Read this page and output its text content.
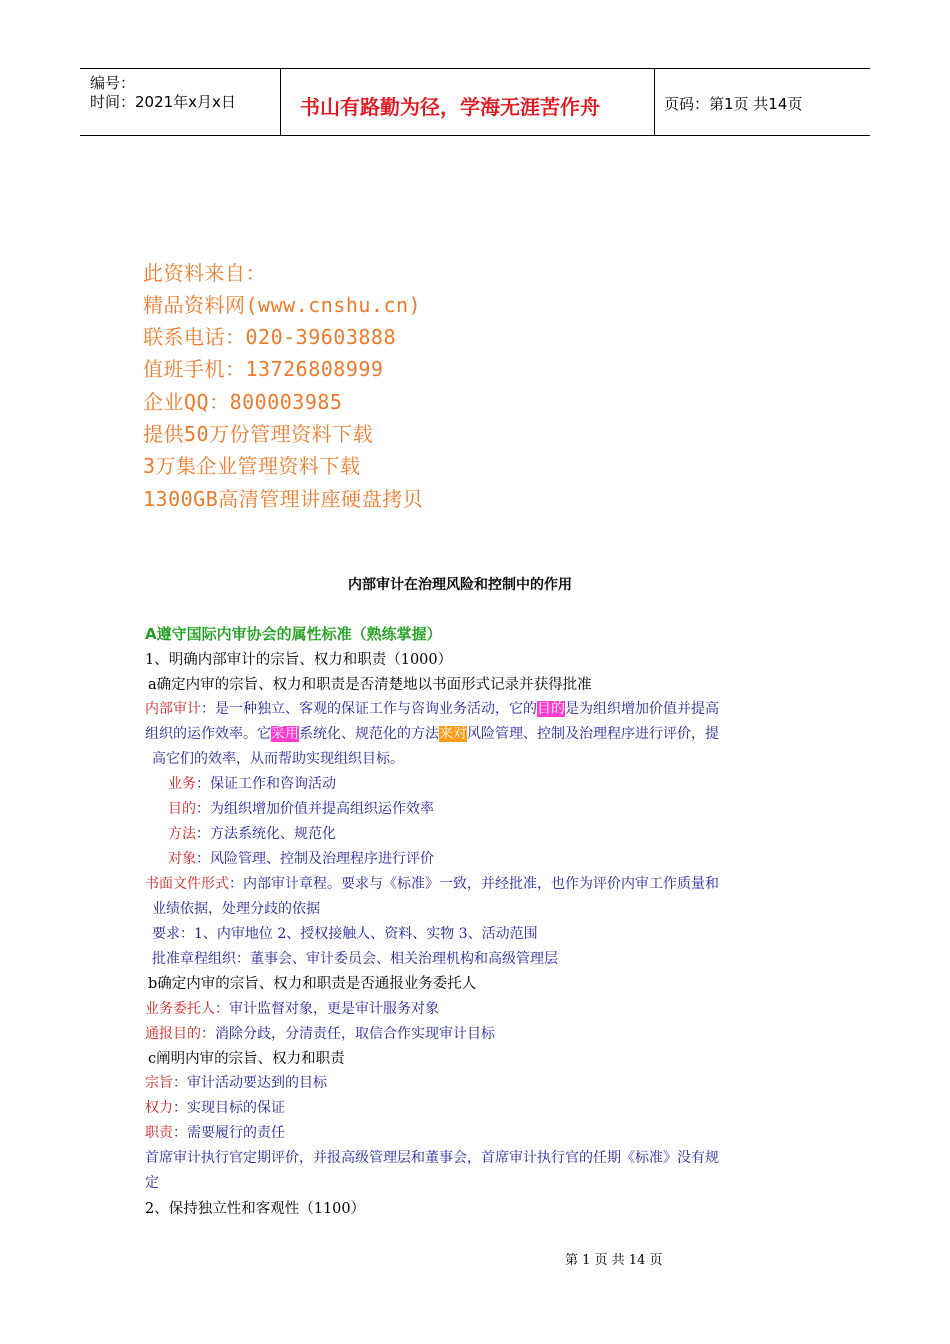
编号：
时间：2021年x月x日	书山有路勤为径，学海无涯苦作舟	页码：第1页 共14页
此资料来自：
精品资料网(www.cnshu.cn)
联系电话：020-39603888
值班手机：13726808999
企业QQ：800003985
提供50万份管理资料下载
3万集企业管理资料下载
1300GB高清管理讲座硬盘拷贝
内部审计在治理风险和控制中的作用
A遵守国际内审协会的属性标准（熟练掌握）
1、明确内部审计的宗旨、权力和职责（1000）
a确定内审的宗旨、权力和职责是否清楚地以书面形式记录并获得批准
内部审计：是一种独立、客观的保证工作与咨询业务活动，它的目的是为组织增加价值并提高
组织的运作效率。它采用系统化、规范化的方法来对风险管理、控制及治理程序进行评价，提
高它们的效率，从而帮助实现组织目标。
业务：保证工作和咨询活动
目的：为组织增加价值并提高组织运作效率
方法：方法系统化、规范化
对象：风险管理、控制及治理程序进行评价
书面文件形式：内部审计章程。要求与《标准》一致，并经批准，也作为评价内审工作质量和
业绩依据，处理分歧的依据
要求：1、内审地位 2、授权接触人、资料、实物 3、活动范围
批准章程组织：董事会、审计委员会、相关治理机构和高级管理层
b确定内审的宗旨、权力和职责是否通报业务委托人
业务委托人：审计监督对象，更是审计服务对象
通报目的：消除分歧，分清责任，取信合作实现审计目标
c阐明内审的宗旨、权力和职责
宗旨：审计活动要达到的目标
权力：实现目标的保证
职责：需要履行的责任
首席审计执行官定期评价，并报高级管理层和董事会，首席审计执行官的任期《标准》没有规
定
2、保持独立性和客观性（1100）
第 1 页 共 14 页
